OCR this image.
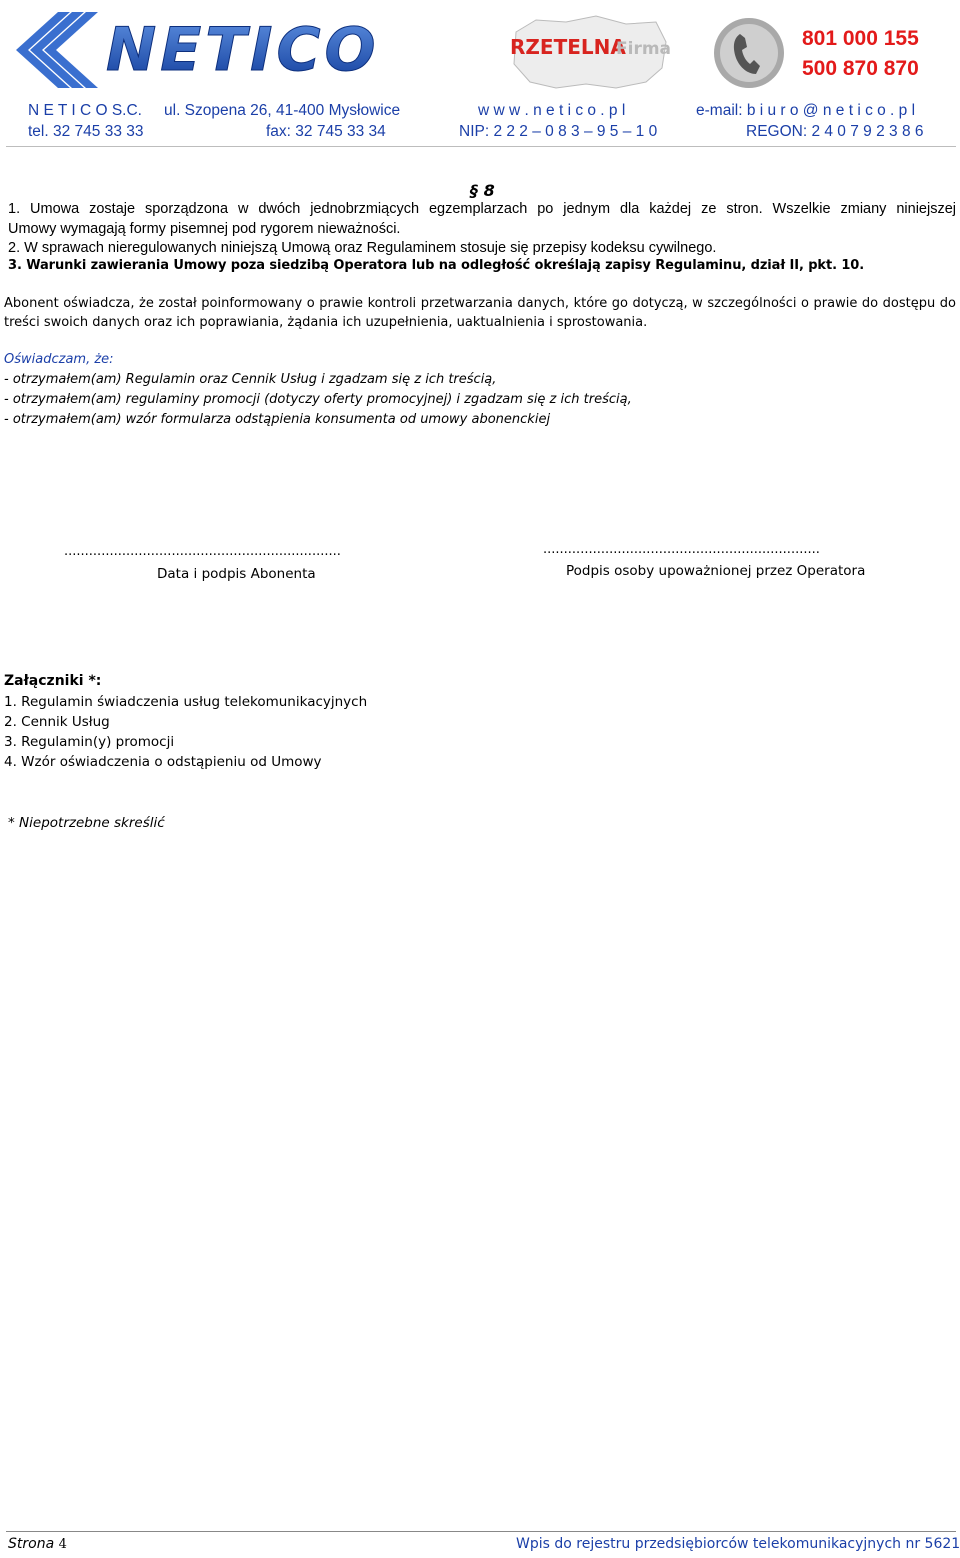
NETICO	RZETELNA
Firma	801 000 155
500 870 870
N E T I C O S.C. ul. Szopena 26, 41-400 Mysłowice	w w w . n e t i c o . p l	e-mail: b i u r o @ n e t i c o . p l
tel. 32 745 33 33	fax: 32 745 33 34	NIP: 2 2 2 – 0 8 3 – 9 5 – 1 0	REGON: 2 4 0 7 9 2 3 8 6
§ 8
1. Umowa zostaje sporządzona w dwóch jednobrzmiących egzemplarzach po jednym dla każdej ze stron. Wszelkie zmiany niniejszej
Umowy wymagają formy pisemnej pod rygorem nieważności.
2. W sprawach nieregulowanych niniejszą Umową oraz Regulaminem stosuje się przepisy kodeksu cywilnego.
3. Warunki zawierania Umowy poza siedzibą Operatora lub na odległość określają zapisy Regulaminu, dział II, pkt. 10.
Abonent oświadcza, że został poinformowany o prawie kontroli przetwarzania danych, które go dotyczą, w szczególności o prawie do dostępu do treści swoich danych oraz ich poprawiania, żądania ich uzupełnienia, uaktualnienia i sprostowania.
Oświadczam, że:
- otrzymałem(am) Regulamin oraz Cennik Usług i zgadzam się z ich treścią,
- otrzymałem(am) regulaminy promocji (dotyczy oferty promocyjnej) i zgadzam się z ich treścią,
- otrzymałem(am) wzór formularza odstąpienia konsumenta od umowy abonenckiej
...................................................................	...................................................................
Data i podpis Abonenta	Podpis osoby upoważnionej przez Operatora
Załączniki *:
1. Regulamin świadczenia usług telekomunikacyjnych
2. Cennik Usług
3. Regulamin(y) promocji
4. Wzór oświadczenia o odstąpieniu od Umowy
* Niepotrzebne skreślić
Strona 4	Wpis do rejestru przedsiębiorców telekomunikacyjnych nr 5621
